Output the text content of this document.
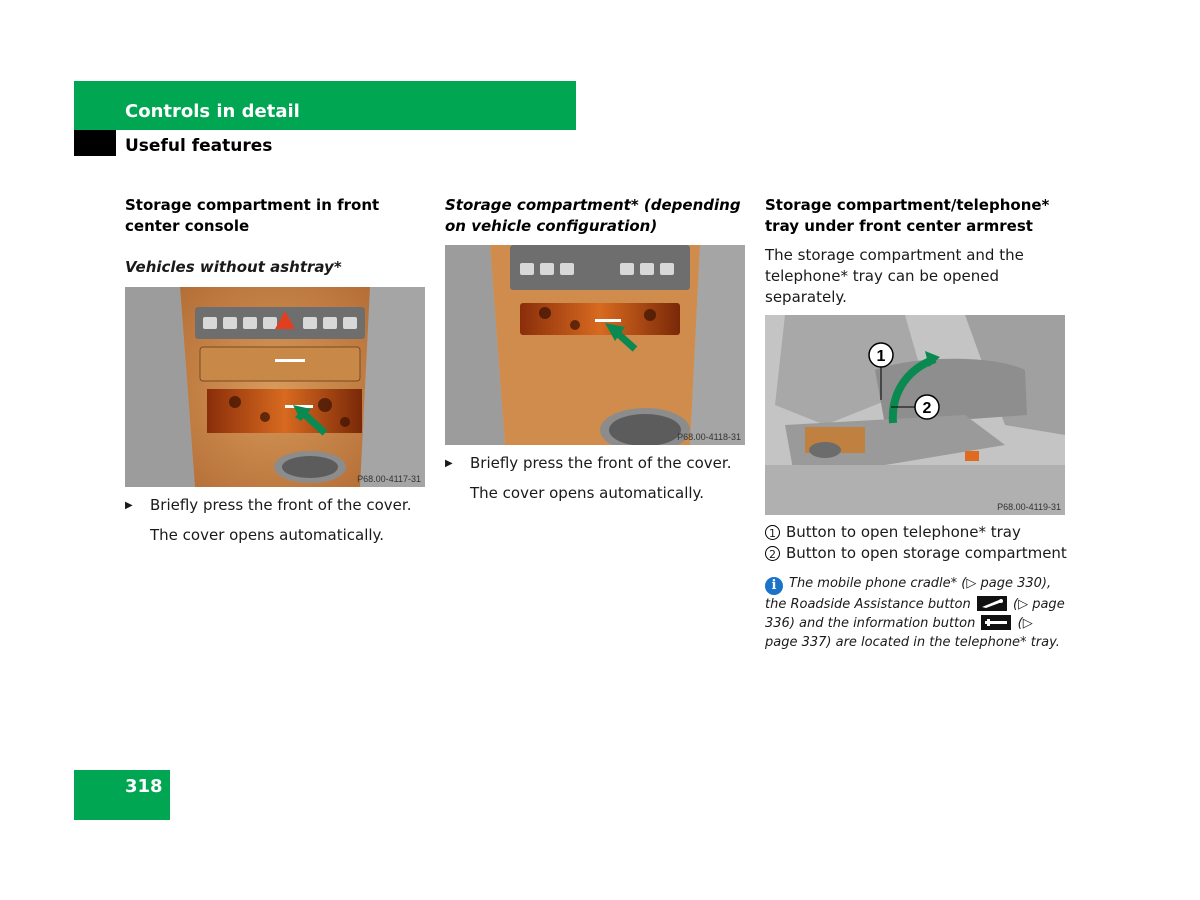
Controls in detail
Useful features
Storage compartment in front center console
Vehicles without ashtray*
P68.00-4117-31
▶	Briefly press the front of the cover.
The cover opens automatically.
Storage compartment* (depending on vehicle configuration)
P68.00-4118-31
▶	Briefly press the front of the cover.
The cover opens automatically.
Storage compartment/telephone* tray under front center armrest

The storage compartment and the telephone* tray can be opened separately.

1
2
P68.00-4119-31
1 Button to open telephone* tray
2 Button to open storage compartment
i The mobile phone cradle* (▷ page 330), the Roadside Assistance button	(▷ page 336) and the information button	(▷ page 337) are located in the telephone* tray.
318
